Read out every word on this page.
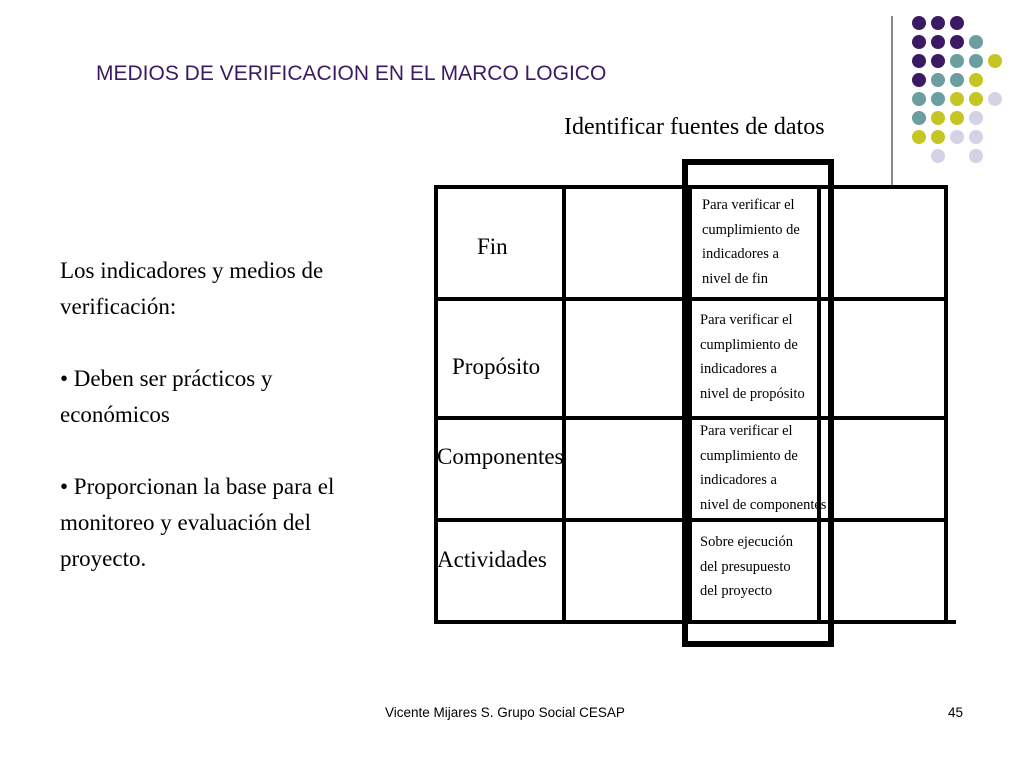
MEDIOS DE VERIFICACION EN EL MARCO LOGICO
Identificar fuentes de datos

Los indicadores y medios de

verificación:

• Deben ser prácticos y

económicos

• Proporcionan la base para el

monitoreo y evaluación del

proyecto.

Fin
Propósito
Componentes
Actividades
Para verificar el
cumplimiento de
indicadores a
nivel de fin
Para verificar el
cumplimiento de
indicadores a
nivel de propósito
Para verificar el
cumplimiento de
indicadores a
nivel de componentes
Sobre ejecución
del presupuesto
del proyecto
Vicente Mijares S. Grupo Social CESAP	45
